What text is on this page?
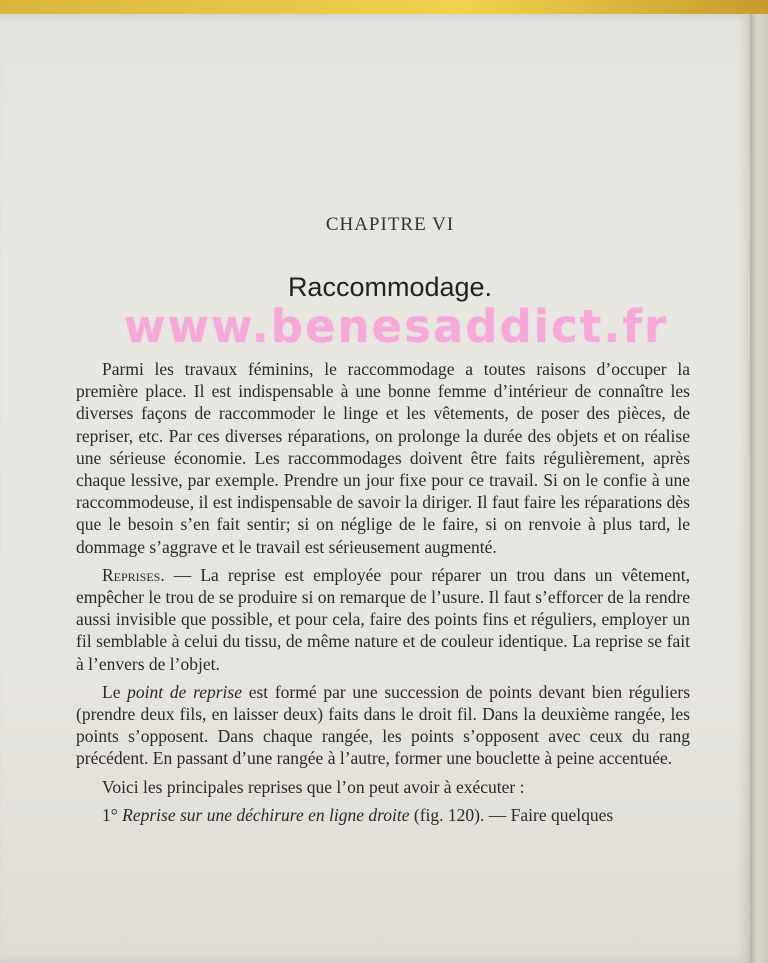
CHAPITRE VI
Raccommodage.
www.benesaddict.fr

Parmi les travaux féminins, le raccommodage a toutes raisons d’occuper la première place. Il est indispensable à une bonne femme d’intérieur de connaître les diverses façons de raccommoder le linge et les vêtements, de poser des pièces, de repriser, etc. Par ces diverses réparations, on prolonge la durée des objets et on réalise une sérieuse économie. Les raccommodages doivent être faits régulièrement, après chaque lessive, par exemple. Prendre un jour fixe pour ce travail. Si on le confie à une raccommodeuse, il est indispensable de savoir la diriger. Il faut faire les réparations dès que le besoin s’en fait sentir; si on néglige de le faire, si on renvoie à plus tard, le dommage s’aggrave et le travail est sérieusement augmenté.

Reprises. — La reprise est employée pour réparer un trou dans un vêtement, empêcher le trou de se produire si on remarque de l’usure. Il faut s’efforcer de la rendre aussi invisible que possible, et pour cela, faire des points fins et réguliers, employer un fil semblable à celui du tissu, de même nature et de couleur identique. La reprise se fait à l’envers de l’objet.

Le point de reprise est formé par une succession de points devant bien réguliers (prendre deux fils, en laisser deux) faits dans le droit fil. Dans la deuxième rangée, les points s’opposent. Dans chaque rangée, les points s’opposent avec ceux du rang précédent. En passant d’une rangée à l’autre, former une bouclette à peine accentuée.

Voici les principales reprises que l’on peut avoir à exécuter :

1° Reprise sur une déchirure en ligne droite (fig. 120). — Faire quelques
